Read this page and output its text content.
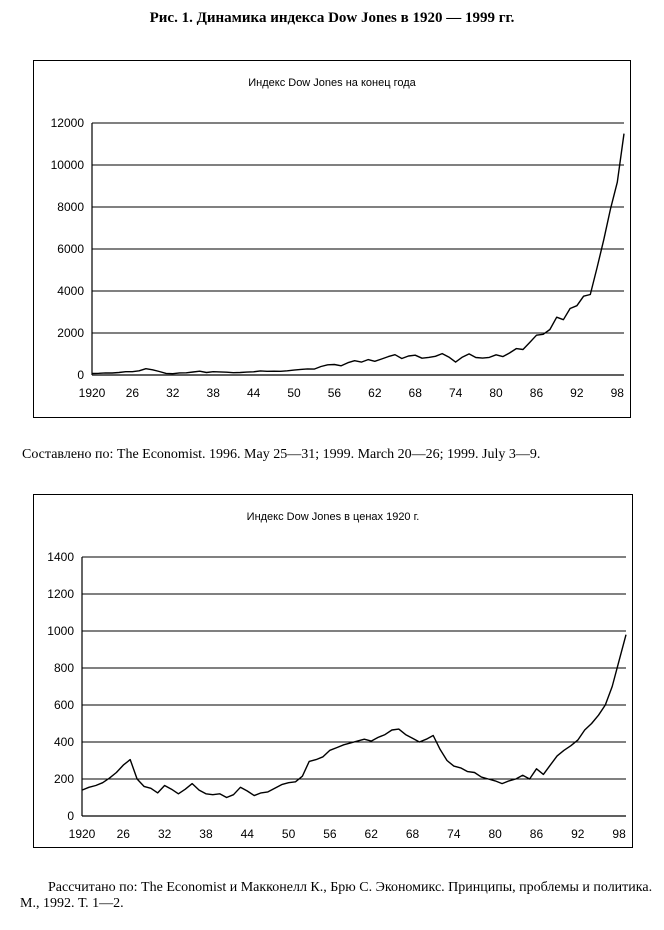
Рис. 1. Динамика индекса Dow Jones в 1920 — 1999 гг.
Индекс Dow Jones на конец года
0
2000
4000
6000
8000
10000
12000
1920 26 32 38 44 50 56 62 68 74 80 86 92 98
Составлено по: The Economist. 1996. May 25—31; 1999. March 20—26; 1999. July 3—9.
Индекс Dow Jones в ценах 1920 г.
0
200
400
600
800
1000
1200
1400
1920 26 32 38 44 50 56 62 68 74 80 86 92 98
Рассчитано по: The Economist и Макконелл К., Брю С. Экономикс. Принципы, проблемы и политика. М., 1992. Т. 1—2.
